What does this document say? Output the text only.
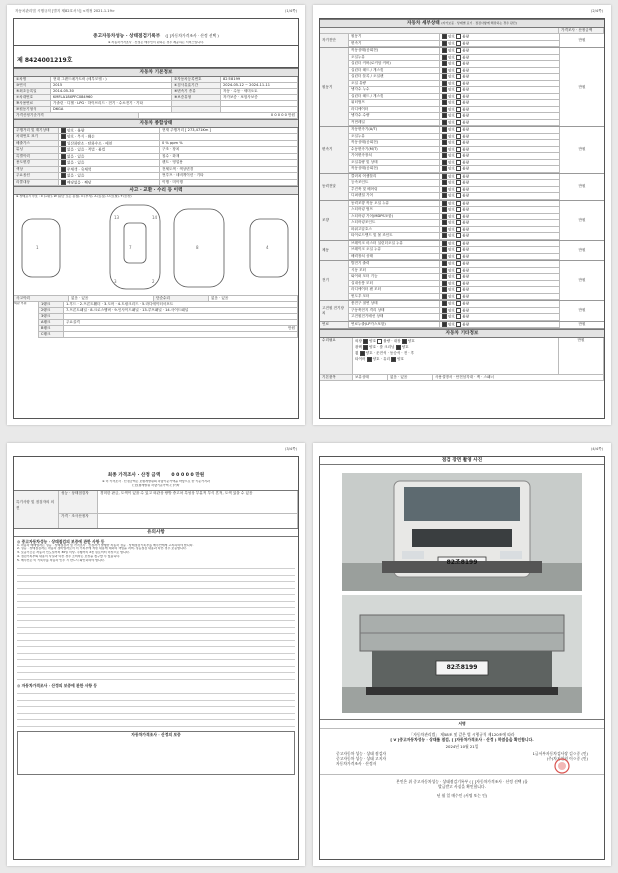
자동차관리법 시행규칙 [별지 제82호서식] <개정 2021.1.19>	(1/4쪽)
중고자동차성능 · 상태점검기록부 ([ ]자동차가격조사 · 산정 선택 )
※ 자동차가격조사 · 산정은 매수인이 원하는 경우 제공하는 서비스입니다.
제 8424001219호
자동차 기본정보
①차명	현대 그랜드메가트럭 (세부모델 : )	②자동차등록번호	82조8199
③연식	2015	④검사유효기간	2024-05-12 ~ 2024-11-11
⑤최초등록일	2014-05-30	⑥변속기 종류	자동 · 수동 · 세미오토
⑦차대번호	KMFLA18XPFC084960	⑧보증유형	자가보증 · 보험사보증
⑨사용연료	가솔린 · 디젤 · LPG · 하이브리드 · 전기 · 수소전기 · 기타
⑩원동기형식	D6GA
가격산정기준가격	0 0 0 0 0 만원
자동차 종합상태
주행거리 및 계기상태	양호 · 불량	현재 주행거리 [ 273,471Km ]
차대번호 표기	양호 · 부식 · 훼손
배출가스	일산화탄소 · 탄화수소 · 매연	0 % ppm %
튜닝	없음 · 있음 · 적법 · 불법	구조 · 장치
특별이력	없음 · 있음	침수 · 화재
용도변경	없음 · 있음	렌트 · 영업용
색상	무채색 · 유채색	전체도색 · 색상변경
주요옵션	없음 · 있음	썬루프 · 네비게이션 · 기타
리콜대상	해당없음 · 해당	이행 · 미이행
사고 · 교환 · 수리 등 이력
※ 상태표시 부호 : X (교환), W (판금 또는 용접), C (부식), A (흠집), U (요철), T (손상)
1	7	8	4
13	14
3	2
사고이력	없음 · 있음	단순수리	없음 · 있음
외판 부위	1랭크	1.후드 · 2.프론트휀더 · 3.도어 · 4.트렁크리드 · 5.라디에이터서포트
2랭크	7.프론트패널 · 8.크로스멤버 · 9.인사이드패널 · 13.루프패널 · 14.사이드패널
3랭크
A랭크	주요골격
B랭크	만원
C랭크
(2/4쪽)
자동차 세부상태 (자가보증 · 상태별 표기 · 점검사항에 해당하는 경우 판단)
가격조사 · 산정금액
자기진단
원동기	양호 불량
변속기	양호 불량
만원
원동기
작동상태(공회전)	양호 불량
오일누유	양호 불량
실린더 커버(로커암 커버)	양호 불량
실린더 헤드 / 개스킷	양호 불량
실린더 블록 / 오일팬	양호 불량
오일 유량	양호 불량
냉각수 누수	양호 불량
실린더 헤드 / 개스킷	양호 불량
워터펌프	양호 불량
라디에이터	양호 불량
냉각수 수량	양호 불량
커먼레일	양호 불량
만원
변속기
자동변속기(A/T)	양호 불량
오일누유	양호 불량
작동상태(공회전)	양호 불량
수동변속기(M/T)	양호 불량
기어변속장치	양호 불량
오일유량 및 상태	양호 불량
작동상태(공회전)	양호 불량
만원
동력전달
클러치 어셈블리	양호 불량
등속조인트	양호 불량
추진축 및 베어링	양호 불량
디퍼렌셜 기어	양호 불량
만원
조향
동력조향 작동 오일 누유	양호 불량
스티어링 펌프	양호 불량
스티어링 기어(MDPS포함)	양호 불량
스티어링조인트	양호 불량
파워고압호스	양호 불량
타이로드엔드 및 볼 조인트	양호 불량
만원
제동
브레이크 마스터 실린더오일 누유	양호 불량
브레이크 오일 누유	양호 불량
배력장치 상태	양호 불량
만원
전기
발전기 출력	양호 불량
시동 모터	양호 불량
와이퍼 모터 기능	양호 불량
실내송풍 모터	양호 불량
라디에이터 팬 모터	양호 불량
윈도우 모터	양호 불량
만원
고전원 전기장치
충전구 절연 상태	양호 불량
구동축전지 격리 상태	양호 불량
고전원전기배선 상태	양호 불량
만원
연료	연료누출(LP가스포함)	양호 불량	만원
자동차 기타정보
수리필요	외장 양호 불량 · 내장 양호
광택 양호 · 룸 크리닝 양호
휠 양호 · 운전석 · 동승석 · 전 · 후
타이어 양호 · 유리 양호
만원
기본품목	보유상태	없음 · 있음	사용설명서 · 안전삼각대 · 잭 · 스패너
(3/4쪽)
최종 가격조사 · 산정 금액 0 0 0 0 0 만원
※ 이 가격조사 · 산정금액은 보험개발원의 차량기준가액을 바탕으로 한 기준가격과
[ ]보험개발원 차량기준가액, [ ]기타
특기사항 및 점검자의 의견
성능 · 상태점검자	경미한 판금, 도색이 있을 수 있고 외관상 쌍방 중고차 특성상 부분적 부식 흔적, 도색 있을 수 있음
가격 · 조사산정자
유의사항
◎ 중고자동차성능 · 상태점검의 보증에 관한 사항 등
1. 자동차 매매업자는 성능 · 상태점검자 및 가격조사 · 산정자가 발행한 자동차 성능 · 상태점검기록부를 매수인에게 고지하여야 합니다.
2. 성능 · 상태점검자는 자동차 정비업자로서 이 기록부에 적힌 내용에 대하여 책임을 지며, 성능점검 내용과 다른 경우 보증합니다.
3. 보증기간은 자동차 인도일부터 30일 이상, 주행거리 2천 킬로미터 이상으로 합니다.
4. 점검기록부의 내용이 사실과 다른 경우 소비자는 보상을 청구할 수 있습니다.
5. 매수인은 이 기록부를 자동차 인수 시 반드시 확인하여야 합니다.
◎ 자동차가격조사 · 산정의 보증에 관한 사항 등
자동차가격조사 · 산정의 보증
(4/4쪽)
점검 장면 촬영 사진
82조8199
82조8199
서명
「자동차관리법」 제58조 및 같은 법 시행규칙 제120조에 따라
[ V ]중고자동차성능 · 상태를 점검, [ ]자동차가격조사 · 산정 ) 하였음을 확인합니다.
2024년 10월 21일
중고자동차 성능 · 상태 점검자	1급서부자동차검사장 김ㅇ중 (인)
중고자동차 성능 · 상태 고지자	(주)차지원원 이ㅇ중 (인)
자동차가격조사 · 산정자
본인은 위 중고자동차성능 · 상태점검기록부 ( [ ]자동차가격조사 · 산정 선택 )를
발급받고 사실을 확인합니다.
년 월 일 매수인 (서명 또는 인)
